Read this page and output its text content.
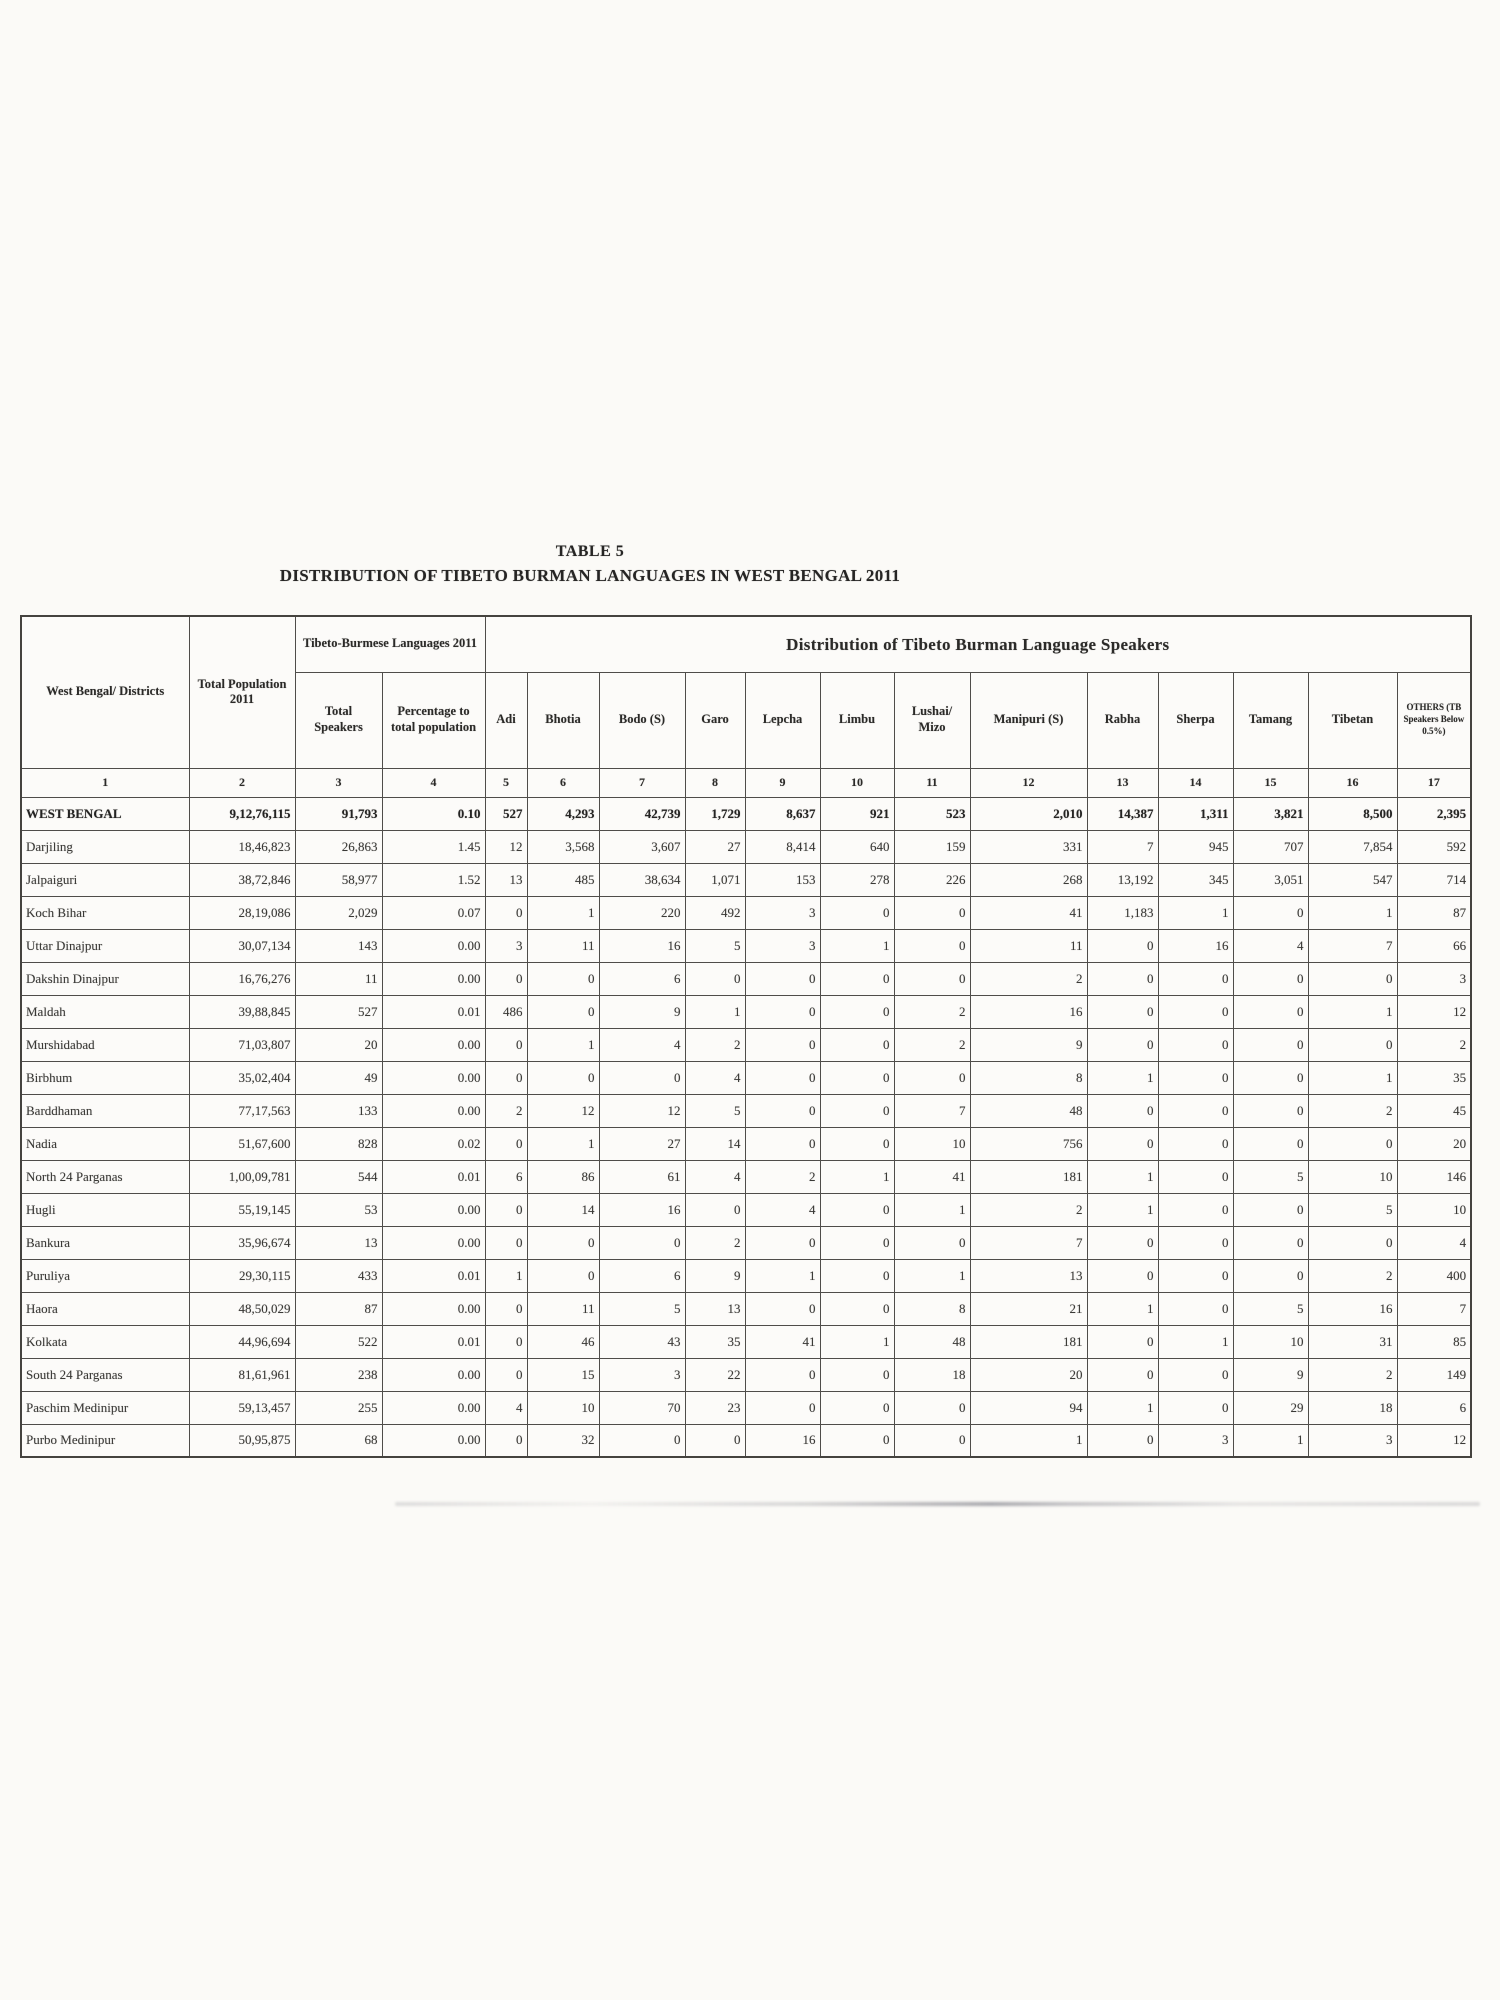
TABLE 5
DISTRIBUTION OF TIBETO BURMAN LANGUAGES IN WEST BENGAL 2011
West Bengal/ Districts	Total Population 2011	Tibeto-Burmese Languages 2011		Distribution of Tibeto Burman Language Speakers												
		Total Speakers	Percentage to total population	Adi	Bhotia	Bodo (S)	Garo	Lepcha	Limbu	Lushai/ Mizo	Manipuri (S)	Rabha	Sherpa	Tamang	Tibetan	OTHERS (TB Speakers Below 0.5%)
1	2	3	4	5	6	7	8	9	10	11	12	13	14	15	16	17
WEST BENGAL	9,12,76,115	91,793	0.10	527	4,293	42,739	1,729	8,637	921	523	2,010	14,387	1,311	3,821	8,500	2,395
Darjiling	18,46,823	26,863	1.45	12	3,568	3,607	27	8,414	640	159	331	7	945	707	7,854	592
Jalpaiguri	38,72,846	58,977	1.52	13	485	38,634	1,071	153	278	226	268	13,192	345	3,051	547	714
Koch Bihar	28,19,086	2,029	0.07	0	1	220	492	3	0	0	41	1,183	1	0	1	87
Uttar Dinajpur	30,07,134	143	0.00	3	11	16	5	3	1	0	11	0	16	4	7	66
Dakshin Dinajpur	16,76,276	11	0.00	0	0	6	0	0	0	0	2	0	0	0	0	3
Maldah	39,88,845	527	0.01	486	0	9	1	0	0	2	16	0	0	0	1	12
Murshidabad	71,03,807	20	0.00	0	1	4	2	0	0	2	9	0	0	0	0	2
Birbhum	35,02,404	49	0.00	0	0	0	4	0	0	0	8	1	0	0	1	35
Barddhaman	77,17,563	133	0.00	2	12	12	5	0	0	7	48	0	0	0	2	45
Nadia	51,67,600	828	0.02	0	1	27	14	0	0	10	756	0	0	0	0	20
North 24 Parganas	1,00,09,781	544	0.01	6	86	61	4	2	1	41	181	1	0	5	10	146
Hugli	55,19,145	53	0.00	0	14	16	0	4	0	1	2	1	0	0	5	10
Bankura	35,96,674	13	0.00	0	0	0	2	0	0	0	7	0	0	0	0	4
Puruliya	29,30,115	433	0.01	1	0	6	9	1	0	1	13	0	0	0	2	400
Haora	48,50,029	87	0.00	0	11	5	13	0	0	8	21	1	0	5	16	7
Kolkata	44,96,694	522	0.01	0	46	43	35	41	1	48	181	0	1	10	31	85
South 24 Parganas	81,61,961	238	0.00	0	15	3	22	0	0	18	20	0	0	9	2	149
Paschim Medinipur	59,13,457	255	0.00	4	10	70	23	0	0	0	94	1	0	29	18	6
Purbo Medinipur	50,95,875	68	0.00	0	32	0	0	16	0	0	1	0	3	1	3	12
